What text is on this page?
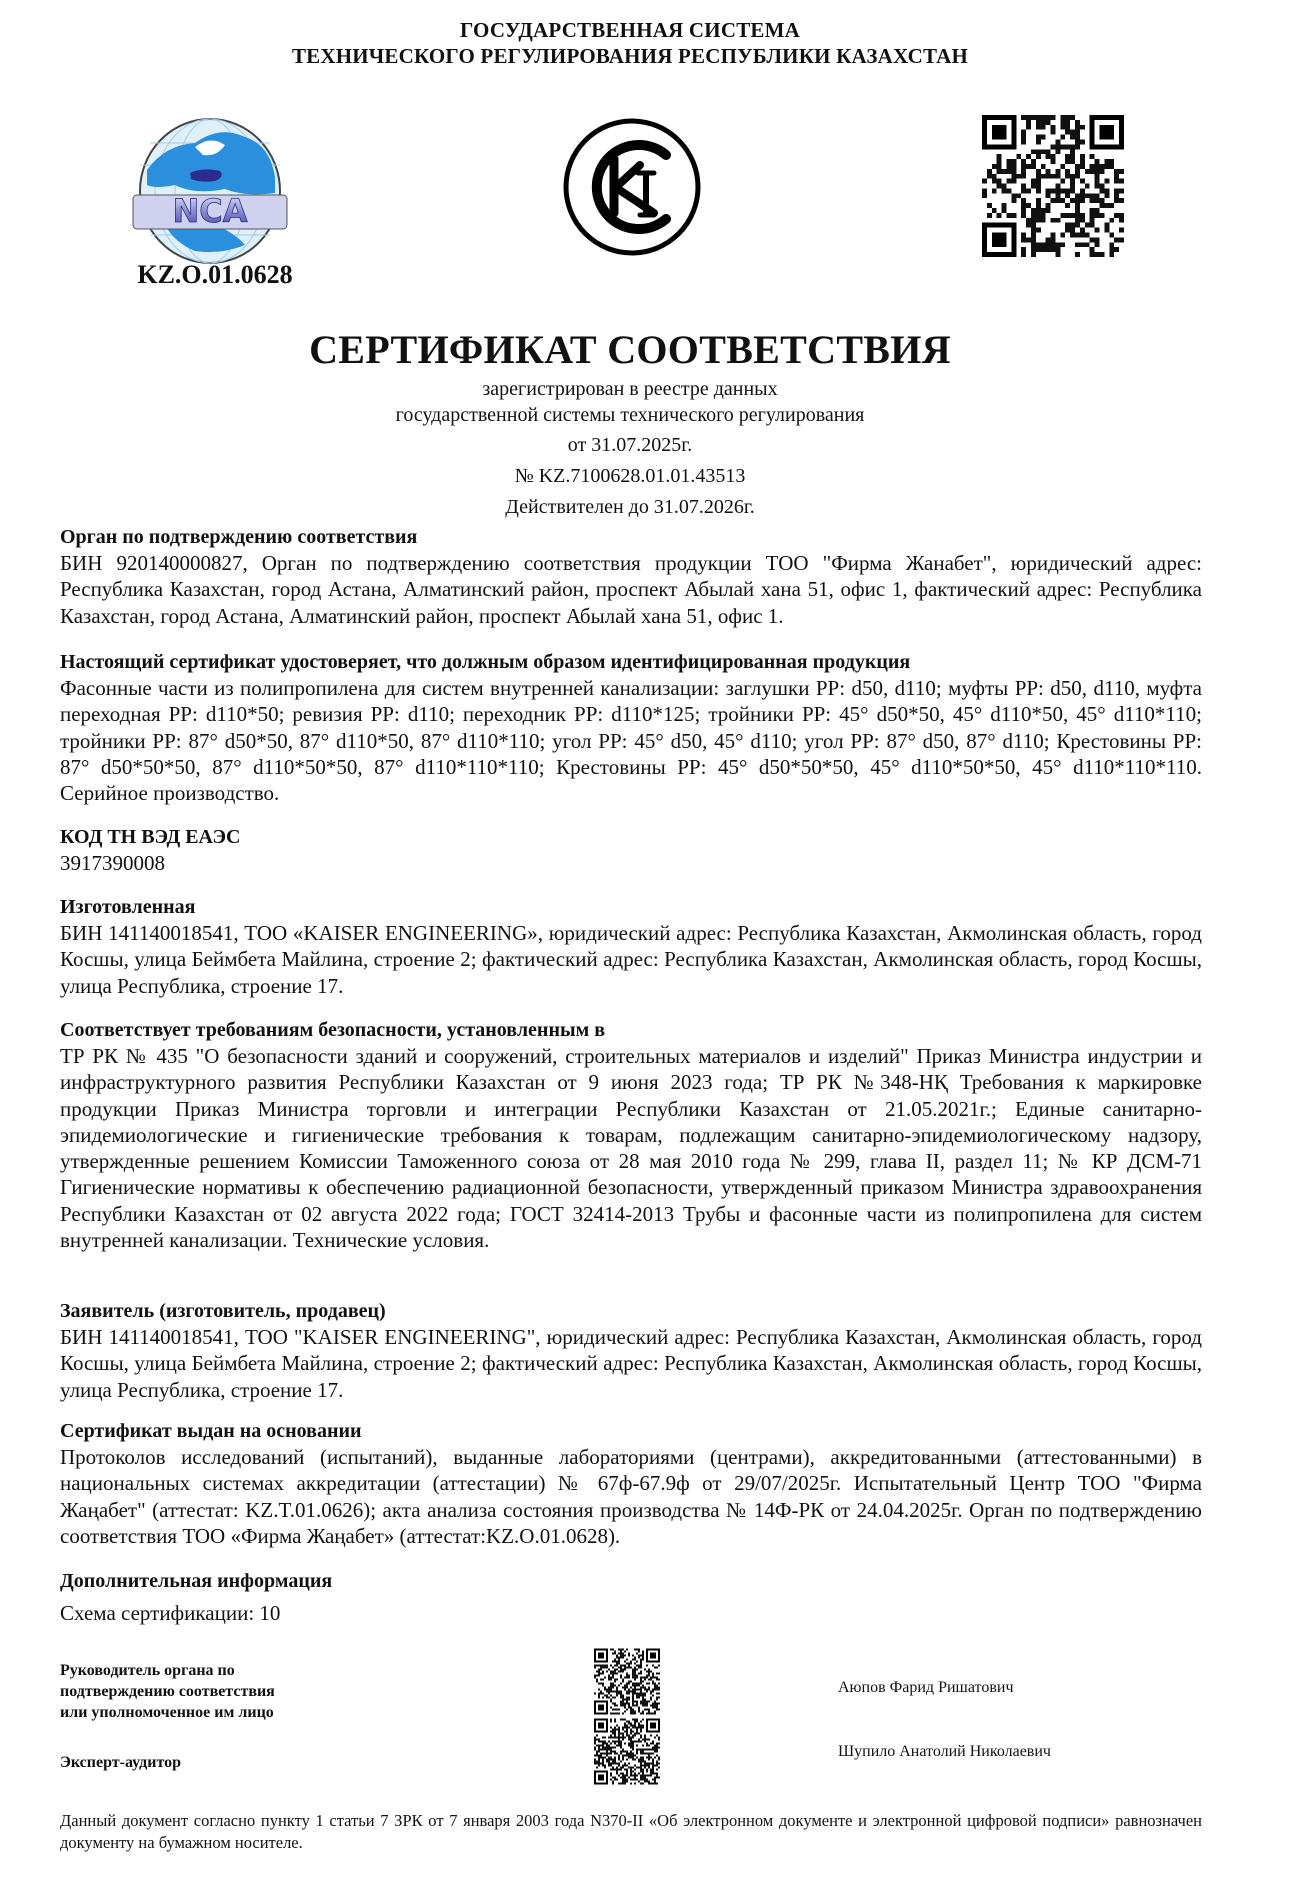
ГОСУДАРСТВЕННАЯ СИСТЕМА
ТЕХНИЧЕСКОГО РЕГУЛИРОВАНИЯ РЕСПУБЛИКИ КАЗАХСТАН
NCA
KZ.O.01.0628
СЕРТИФИКАТ СООТВЕТСТВИЯ
зарегистрирован в реестре данных
государственной системы технического регулирования
от 31.07.2025г.
№ KZ.7100628.01.01.43513
Действителен до 31.07.2026г.
Орган по подтверждению соответствия
БИН 920140000827, Орган по подтверждению соответствия продукции ТОО "Фирма Жанабет", юридический адрес: Республика Казахстан, город Астана, Алматинский район, проспект Абылай хана 51, офис 1, фактический адрес: Республика Казахстан, город Астана, Алматинский район, проспект Абылай хана 51, офис 1.
Настоящий сертификат удостоверяет, что должным образом идентифицированная продукция
Фасонные части из полипропилена для систем внутренней канализации: заглушки PP: d50, d110; муфты PP: d50, d110, муфта переходная PP: d110*50; ревизия PP: d110; переходник PP: d110*125; тройники PP: 45° d50*50, 45° d110*50, 45° d110*110; тройники PP: 87° d50*50, 87° d110*50, 87° d110*110; угол PP: 45° d50, 45° d110; угол PP: 87° d50, 87° d110; Крестовины PP: 87° d50*50*50, 87° d110*50*50, 87° d110*110*110; Крестовины PP: 45° d50*50*50, 45° d110*50*50, 45° d110*110*110. Серийное производство.
КОД ТН ВЭД ЕАЭС
3917390008
Изготовленная
БИН 141140018541, ТОО «KAISER ENGINEERING», юридический адрес: Республика Казахстан, Акмолинская область, город Косшы, улица Беймбета Майлина, строение 2; фактический адрес: Республика Казахстан, Акмолинская область, город Косшы, улица Республика, строение 17.
Соответствует требованиям безопасности, установленным в
ТР РК № 435 "О безопасности зданий и сооружений, строительных материалов и изделий" Приказ Министра индустрии и инфраструктурного развития Республики Казахстан от 9 июня 2023 года; ТР РК №348-НҚ Требования к маркировке продукции Приказ Министра торговли и интеграции Республики Казахстан от 21.05.2021г.; Единые санитарно-эпидемиологические и гигиенические требования к товарам, подлежащим санитарно-эпидемиологическому надзору, утвержденные решением Комиссии Таможенного союза от 28 мая 2010 года № 299, глава II, раздел 11; № КР ДСМ-71 Гигиенические нормативы к обеспечению радиационной безопасности, утвержденный приказом Министра здравоохранения Республики Казахстан от 02 августа 2022 года; ГОСТ 32414-2013 Трубы и фасонные части из полипропилена для систем внутренней канализации. Технические условия.
Заявитель (изготовитель, продавец)
БИН 141140018541, ТОО "KAISER ENGINEERING", юридический адрес: Республика Казахстан, Акмолинская область, город Косшы, улица Беймбета Майлина, строение 2; фактический адрес: Республика Казахстан, Акмолинская область, город Косшы, улица Республика, строение 17.
Сертификат выдан на основании
Протоколов исследований (испытаний), выданные лабораториями (центрами), аккредитованными (аттестованными) в национальных системах аккредитации (аттестации) № 67ф-67.9ф от 29/07/2025г. Испытательный Центр ТОО "Фирма Жаңабет" (аттестат: KZ.T.01.0626); акта анализа состояния производства № 14Ф-РК от 24.04.2025г. Орган по подтверждению соответствия ТОО «Фирма Жаңабет» (аттестат:KZ.O.01.0628).
Дополнительная информация
Схема сертификации: 10
Руководитель органа по
подтверждению соответствия
или уполномоченное им лицо
Эксперт-аудитор
Аюпов Фарид Ришатович
Шупило Анатолий Николаевич
Данный документ согласно пункту 1 статьи 7 ЗРК от 7 января 2003 года N370-II «Об электронном документе и электронной цифровой подписи» равнозначен документу на бумажном носителе.
